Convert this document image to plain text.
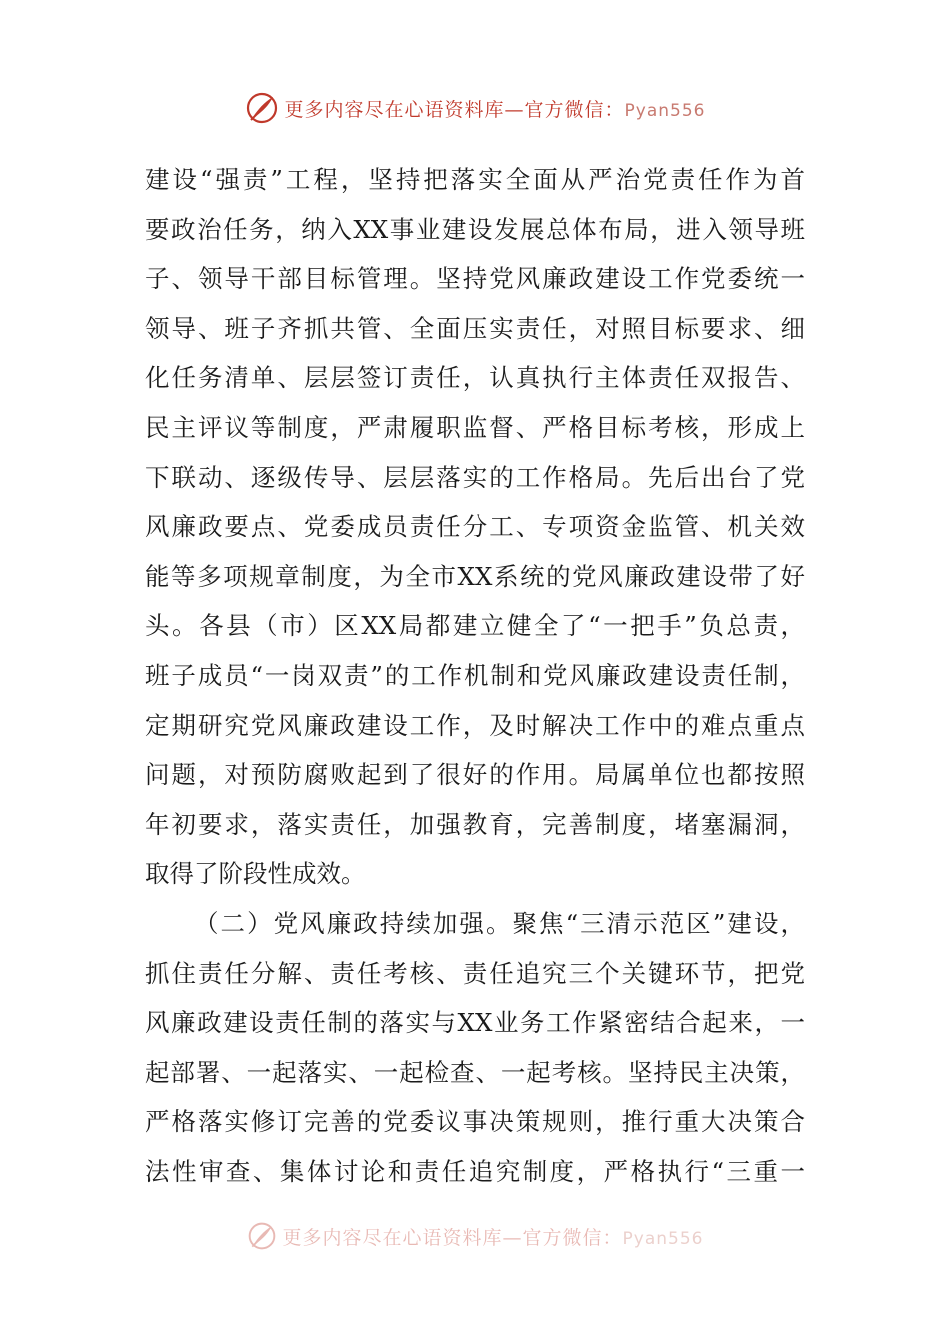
更多内容尽在心语资料库—官方微信：Pyan556
建设“强责”工程，坚持把落实全面从严治党责任作为首
要政治任务，纳入XX事业建设发展总体布局，进入领导班
子、领导干部目标管理。坚持党风廉政建设工作党委统一
领导、班子齐抓共管、全面压实责任，对照目标要求、细
化任务清单、层层签订责任，认真执行主体责任双报告、
民主评议等制度，严肃履职监督、严格目标考核，形成上
下联动、逐级传导、层层落实的工作格局。先后出台了党
风廉政要点、党委成员责任分工、专项资金监管、机关效
能等多项规章制度，为全市XX系统的党风廉政建设带了好
头。各县（市）区XX局都建立健全了“一把手”负总责，
班子成员“一岗双责”的工作机制和党风廉政建设责任制，
定期研究党风廉政建设工作，及时解决工作中的难点重点
问题，对预防腐败起到了很好的作用。局属单位也都按照
年初要求，落实责任，加强教育，完善制度，堵塞漏洞，
取得了阶段性成效。
（二）党风廉政持续加强。聚焦“三清示范区”建设，
抓住责任分解、责任考核、责任追究三个关键环节，把党
风廉政建设责任制的落实与XX业务工作紧密结合起来，一
起部署、一起落实、一起检查、一起考核。坚持民主决策，
严格落实修订完善的党委议事决策规则，推行重大决策合
法性审查、集体讨论和责任追究制度，严格执行“三重一
更多内容尽在心语资料库—官方微信：Pyan556
